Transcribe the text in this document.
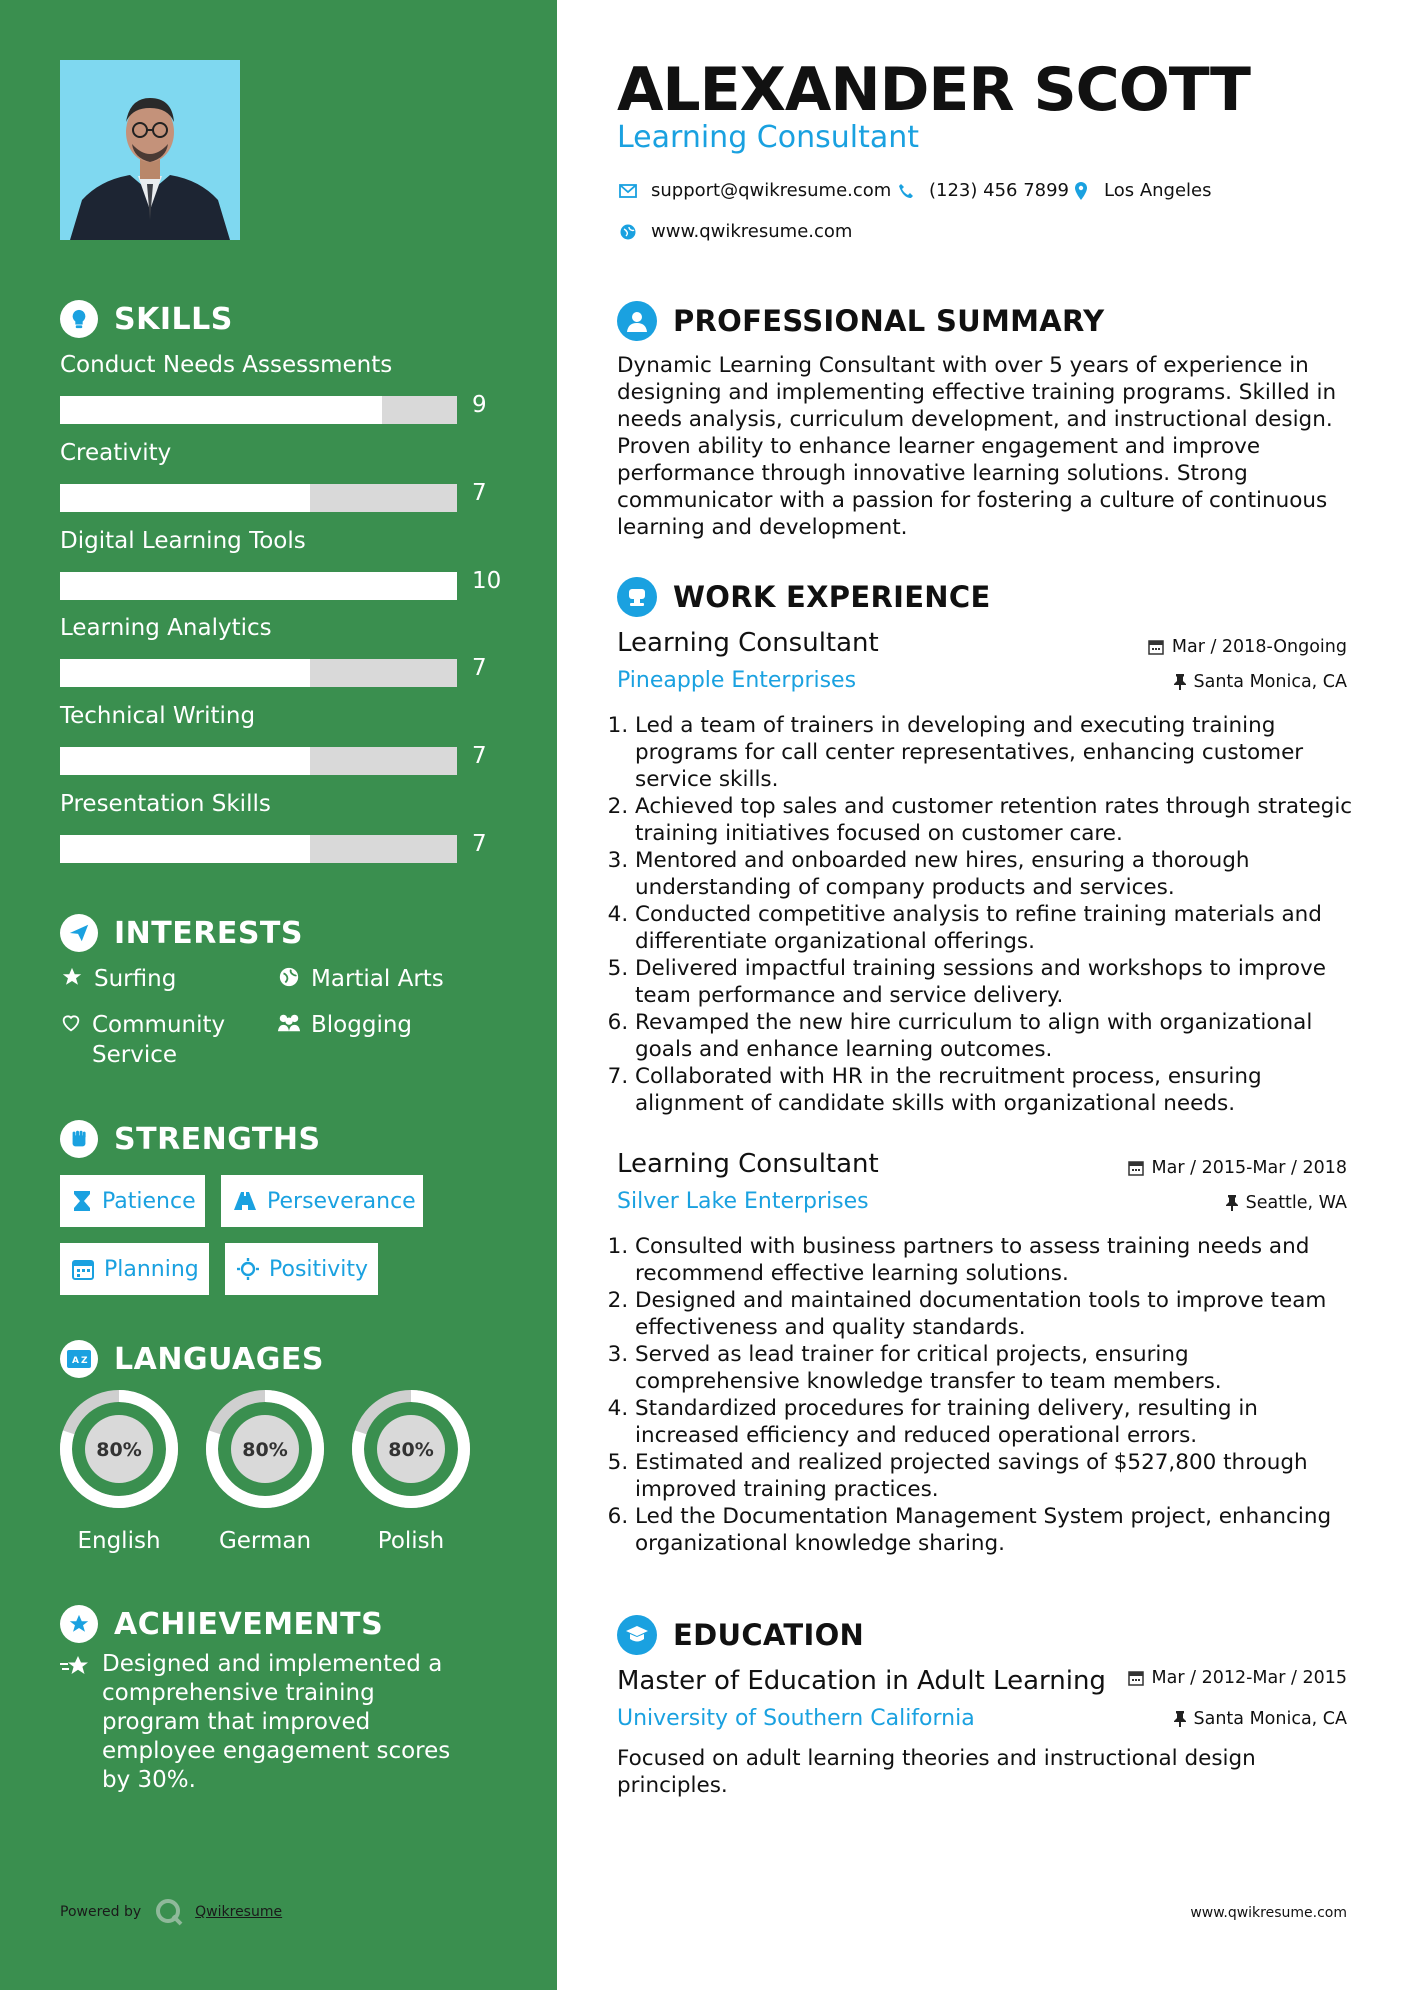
SKILLS
Conduct Needs Assessments
9
Creativity
7
Digital Learning Tools
10
Learning Analytics
7
Technical Writing
7
Presentation Skills
7
INTERESTS
Surfing	Martial Arts
Community Service
Blogging
STRENGTHS
Patience	Perseverance
Planning	Positivity
A Z LANGUAGES
80%
English
80%
German
80%
Polish
ACHIEVEMENTS
Designed and implemented a comprehensive training program that improved employee engagement scores by 30%.
Powered by	Qwikresume
ALEXANDER SCOTT
Learning Consultant
support@qwikresume.com (123) 456 7899 Los Angeles
www.qwikresume.com
PROFESSIONAL SUMMARY
Dynamic Learning Consultant with over 5 years of experience in designing and implementing effective training programs. Skilled in needs analysis, curriculum development, and instructional design. Proven ability to enhance learner engagement and improve performance through innovative learning solutions. Strong communicator with a passion for fostering a culture of continuous learning and development.
WORK EXPERIENCE
Learning Consultant	Mar / 2018-Ongoing
Pineapple Enterprises	Santa Monica, CA
1. Led a team of trainers in developing and executing training programs for call center representatives, enhancing customer service skills.
2. Achieved top sales and customer retention rates through strategic training initiatives focused on customer care.
3. Mentored and onboarded new hires, ensuring a thorough understanding of company products and services.
4. Conducted competitive analysis to refine training materials and differentiate organizational offerings.
5. Delivered impactful training sessions and workshops to improve team performance and service delivery.
6. Revamped the new hire curriculum to align with organizational goals and enhance learning outcomes.
7. Collaborated with HR in the recruitment process, ensuring alignment of candidate skills with organizational needs.
Learning Consultant	Mar / 2015-Mar / 2018
Silver Lake Enterprises	Seattle, WA
1. Consulted with business partners to assess training needs and recommend effective learning solutions.
2. Designed and maintained documentation tools to improve team effectiveness and quality standards.
3. Served as lead trainer for critical projects, ensuring comprehensive knowledge transfer to team members.
4. Standardized procedures for training delivery, resulting in increased efficiency and reduced operational errors.
5. Estimated and realized projected savings of $527,800 through improved training practices.
6. Led the Documentation Management System project, enhancing organizational knowledge sharing.
EDUCATION
Master of Education in Adult Learning	Mar / 2012-Mar / 2015
University of Southern California	Santa Monica, CA
Focused on adult learning theories and instructional design principles.
www.qwikresume.com
